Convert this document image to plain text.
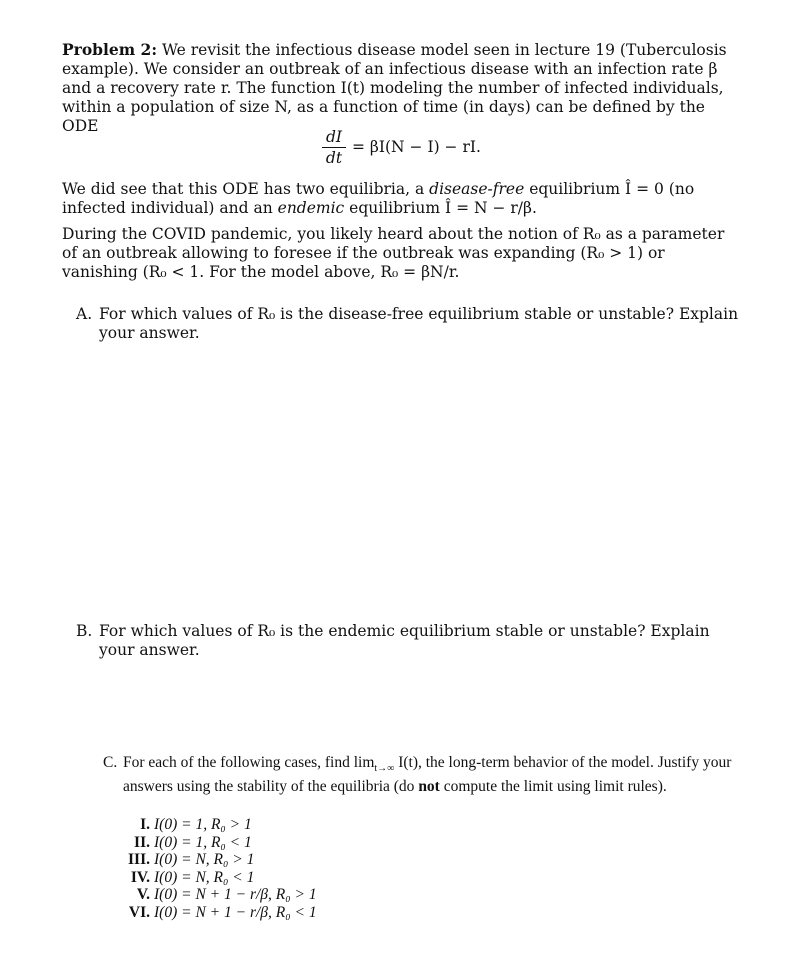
Problem 2: We revisit the infectious disease model seen in lecture 19 (Tuberculosis example). We consider an outbreak of an infectious disease with an infection rate β and a recovery rate r. The function I(t) modeling the number of infected individuals, within a population of size N, as a function of time (in days) can be defined by the ODE
dI
dt
= βI(N − I) − rI.
We did see that this ODE has two equilibria, a disease-free equilibrium Î = 0 (no infected individual) and an endemic equilibrium Î = N − r/β.
During the COVID pandemic, you likely heard about the notion of R₀ as a parameter of an outbreak allowing to foresee if the outbreak was expanding (R₀ > 1) or vanishing (R₀ < 1. For the model above, R₀ = βN/r.
A. For which values of R₀ is the disease-free equilibrium stable or unstable? Explain your answer.
B. For which values of R₀ is the endemic equilibrium stable or unstable? Explain your answer.
C. For each of the following cases, find $\lim_{t\to\infty} I(t)$, the long-term behavior of the model. Justify your answers using the stability of the equilibria (do not compute the limit using limit rules).
I. I(0) = 1, R₀ > 1
II. I(0) = 1, R₀ < 1
III. I(0) = N, R₀ > 1
IV. I(0) = N, R₀ < 1
V. I(0) = N + 1 − r/β, R₀ > 1
VI. I(0) = N + 1 − r/β, R₀ < 1
